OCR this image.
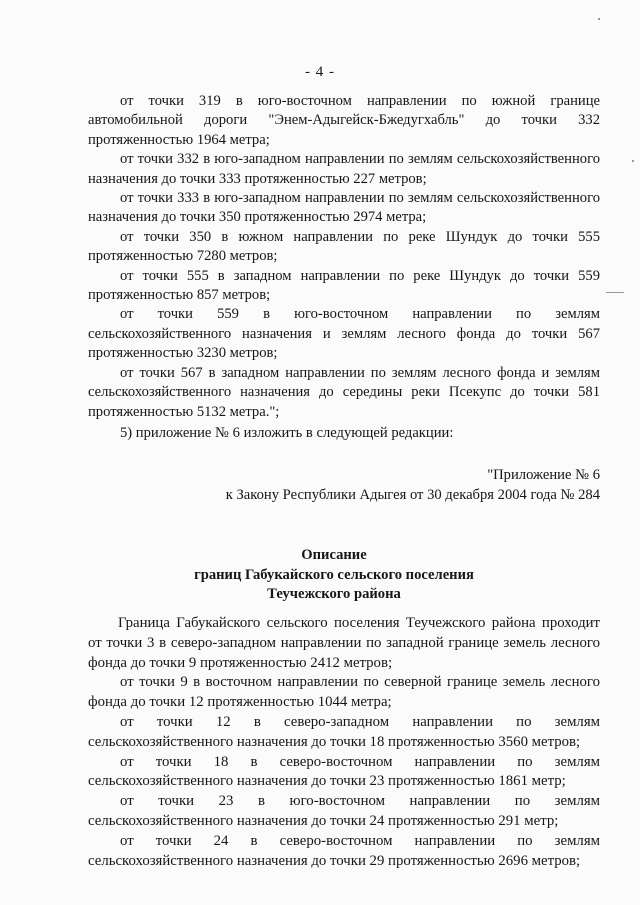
- 4 -

от точки 319 в юго-восточном направлении по южной границе автомобильной дороги "Энем-Адыгейск-Бжедугхабль" до точки 332 протяженностью 1964 метра;

от точки 332 в юго-западном направлении по землям сельскохозяйственного назначения до точки 333 протяженностью 227 метров;

от точки 333 в юго-западном направлении по землям сельскохозяйственного назначения до точки 350 протяженностью 2974 метра;

от точки 350 в южном направлении по реке Шундук до точки 555 протяженностью 7280 метров;

от точки 555 в западном направлении по реке Шундук до точки 559 протяженностью 857 метров;

от точки 559 в юго-восточном направлении по землям сельскохозяйственного назначения и землям лесного фонда до точки 567 протяженностью 3230 метров;

от точки 567 в западном направлении по землям лесного фонда и землям сельскохозяйственного назначения до середины реки Псекупс до точки 581 протяженностью 5132 метра.";

5) приложение № 6 изложить в следующей редакции:
"Приложение № 6
к Закону Республики Адыгея от 30 декабря 2004 года № 284
Описание
границ Габукайского сельского поселения
Теучежского района

Граница Габукайского сельского поселения Теучежского района проходит от точки 3 в северо-западном направлении по западной границе земель лесного фонда до точки 9 протяженностью 2412 метров;

от точки 9 в восточном направлении по северной границе земель лесного фонда до точки 12 протяженностью 1044 метра;

от точки 12 в северо-западном направлении по землям сельскохозяйственного назначения до точки 18 протяженностью 3560 метров;

от точки 18 в северо-восточном направлении по землям сельскохозяйственного назначения до точки 23 протяженностью 1861 метр;

от точки 23 в юго-восточном направлении по землям сельскохозяйственного назначения до точки 24 протяженностью 291 метр;

от точки 24 в северо-восточном направлении по землям сельскохозяйственного назначения до точки 29 протяженностью 2696 метров;
